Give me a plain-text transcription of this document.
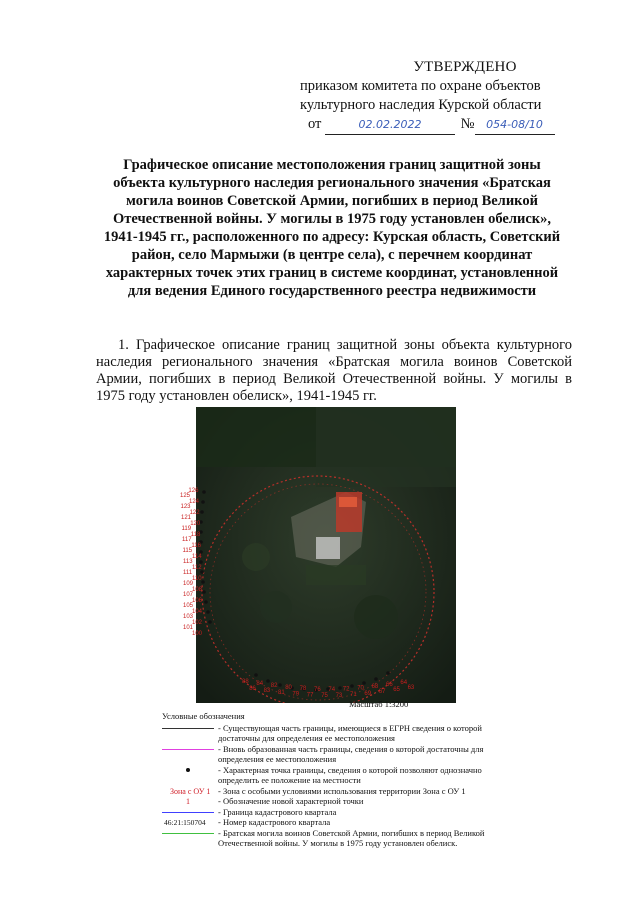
УТВЕРЖДЕНО
приказом комитета по охране объектов
культурного наследия Курской области
от	02.02.2022	№ 054-08/10
Графическое описание местоположения границ защитной зоны объекта культурного наследия регионального значения «Братская могила воинов Советской Армии, погибших в период Великой Отечественной войны. У могилы в 1975 году установлен обелиск», 1941-1945 гг., расположенного по адресу: Курская область, Советский район, село Мармыжи (в центре села), с перечнем координат характерных точек этих границ в системе координат, установленной для ведения Единого государственного реестра недвижимости
1. Графическое описание границ защитной зоны объекта культурного наследия регионального значения «Братская могила воинов Советской Армии, погибших в период Великой Отечественной войны. У могилы в 1975 году установлен обелиск», 1941-1945 гг.
126
124
122
120
118
116
114
112
110
108
106
104
102
100
125
123
121
119
117
115
113
111
109
107
105
103
101
88
86
84
83
82
81
80
79
78
77
76
75
74
73
72
71
70
69
68
67
66
65
64
63
Масштаб 1:3200
Условные обозначения
- Существующая часть границы, имеющиеся в ЕГРН сведения о которой достаточны для определения ее местоположения
- Вновь образованная часть границы, сведения о которой достаточны для определения ее местоположения
- Характерная точка границы, сведения о которой позволяют однозначно определить ее положение на местности
Зона с ОУ 1 - Зона с особыми условиями использования территории Зона с ОУ 1
1	- Обозначение новой характерной точки
- Граница кадастрового квартала
46:21:150704	- Номер кадастрового квартала
- Братская могила воинов Советской Армии, погибших в период Великой Отечественной войны. У могилы в 1975 году установлен обелиск.
